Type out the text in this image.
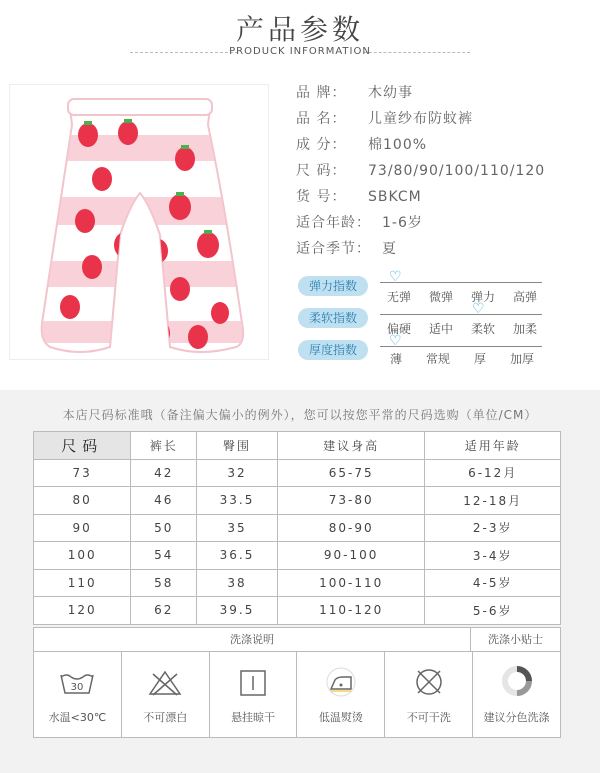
产品参数
PRODUCK INFORMATION
品 牌： 木幼事
品 名： 儿童纱布防蚊裤
成 分： 棉100%
尺 码： 73/80/90/100/110/120
货 号： SBKCM
适合年龄： 1-6岁
适合季节： 夏
弹力指数
♡
无弹 微弹 弹力 高弹
柔软指数
♡
偏硬 适中 柔软 加柔
厚度指数
♡
薄 常规 厚 加厚
本店尺码标准哦（备注偏大偏小的例外），您可以按您平常的尺码选购（单位/CM）
尺码	裤长	臀围	建议身高	适用年龄
73	42	32	65-75	6-12月
80	46	33.5	73-80	12-18月
90	50	35	80-90	2-3岁
100	54	36.5	90-100	3-4岁
110	58	38	100-110	4-5岁
120	62	39.5	110-120	5-6岁
洗涤说明	洗涤小贴士
30
水温<30℃	不可漂白	悬挂晾干	低温熨烫	不可干洗	建议分色洗涤
